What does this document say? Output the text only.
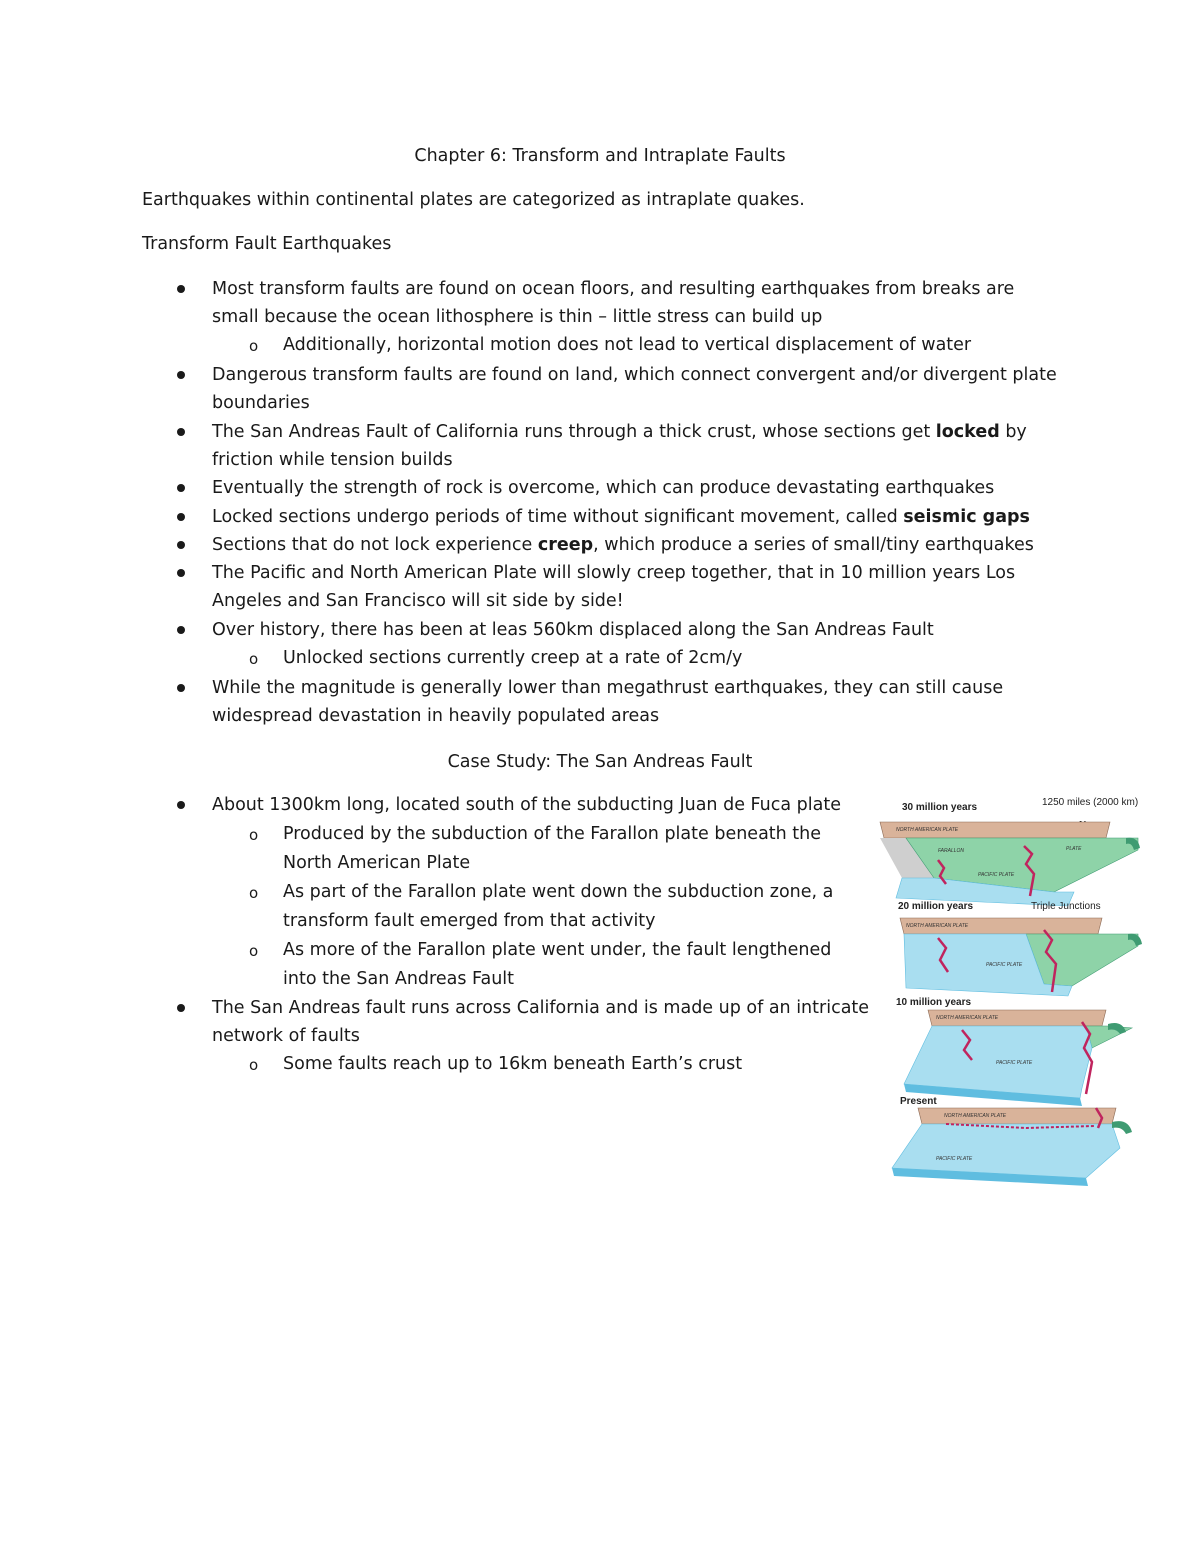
Chapter 6: Transform and Intraplate Faults
Earthquakes within continental plates are categorized as intraplate quakes.
Transform Fault Earthquakes
Most transform faults are found on ocean floors, and resulting earthquakes from breaks are
small because the ocean lithosphere is thin – little stress can build up
o Additionally, horizontal motion does not lead to vertical displacement of water
Dangerous transform faults are found on land, which connect convergent and/or divergent plate
boundaries
The San Andreas Fault of California runs through a thick crust, whose sections get locked by
friction while tension builds
Eventually the strength of rock is overcome, which can produce devastating earthquakes
Locked sections undergo periods of time without significant movement, called seismic gaps
Sections that do not lock experience creep, which produce a series of small/tiny earthquakes
The Pacific and North American Plate will slowly creep together, that in 10 million years Los
Angeles and San Francisco will sit side by side!
Over history, there has been at leas 560km displaced along the San Andreas Fault
o Unlocked sections currently creep at a rate of 2cm/y
While the magnitude is generally lower than megathrust earthquakes, they can still cause
widespread devastation in heavily populated areas
Case Study: The San Andreas Fault
About 1300km long, located south of the subducting Juan de Fuca plate
o Produced by the subduction of the Farallon plate beneath the
North American Plate
o As part of the Farallon plate went down the subduction zone, a
transform fault emerged from that activity
o As more of the Farallon plate went under, the fault lengthened
into the San Andreas Fault
The San Andreas fault runs across California and is made up of an intricate
network of faults
o Some faults reach up to 16km beneath Earth’s crust
30 million years	1250 miles (2000 km)
NORTH AMERICAN PLATE
FARALLON	PLATE
PACIFIC PLATE
20 million years	Triple Junctions
NORTH AMERICAN PLATE
PACIFIC PLATE
10 million years
NORTH AMERICAN PLATE
PACIFIC PLATE
Present
NORTH AMERICAN PLATE
PACIFIC PLATE
